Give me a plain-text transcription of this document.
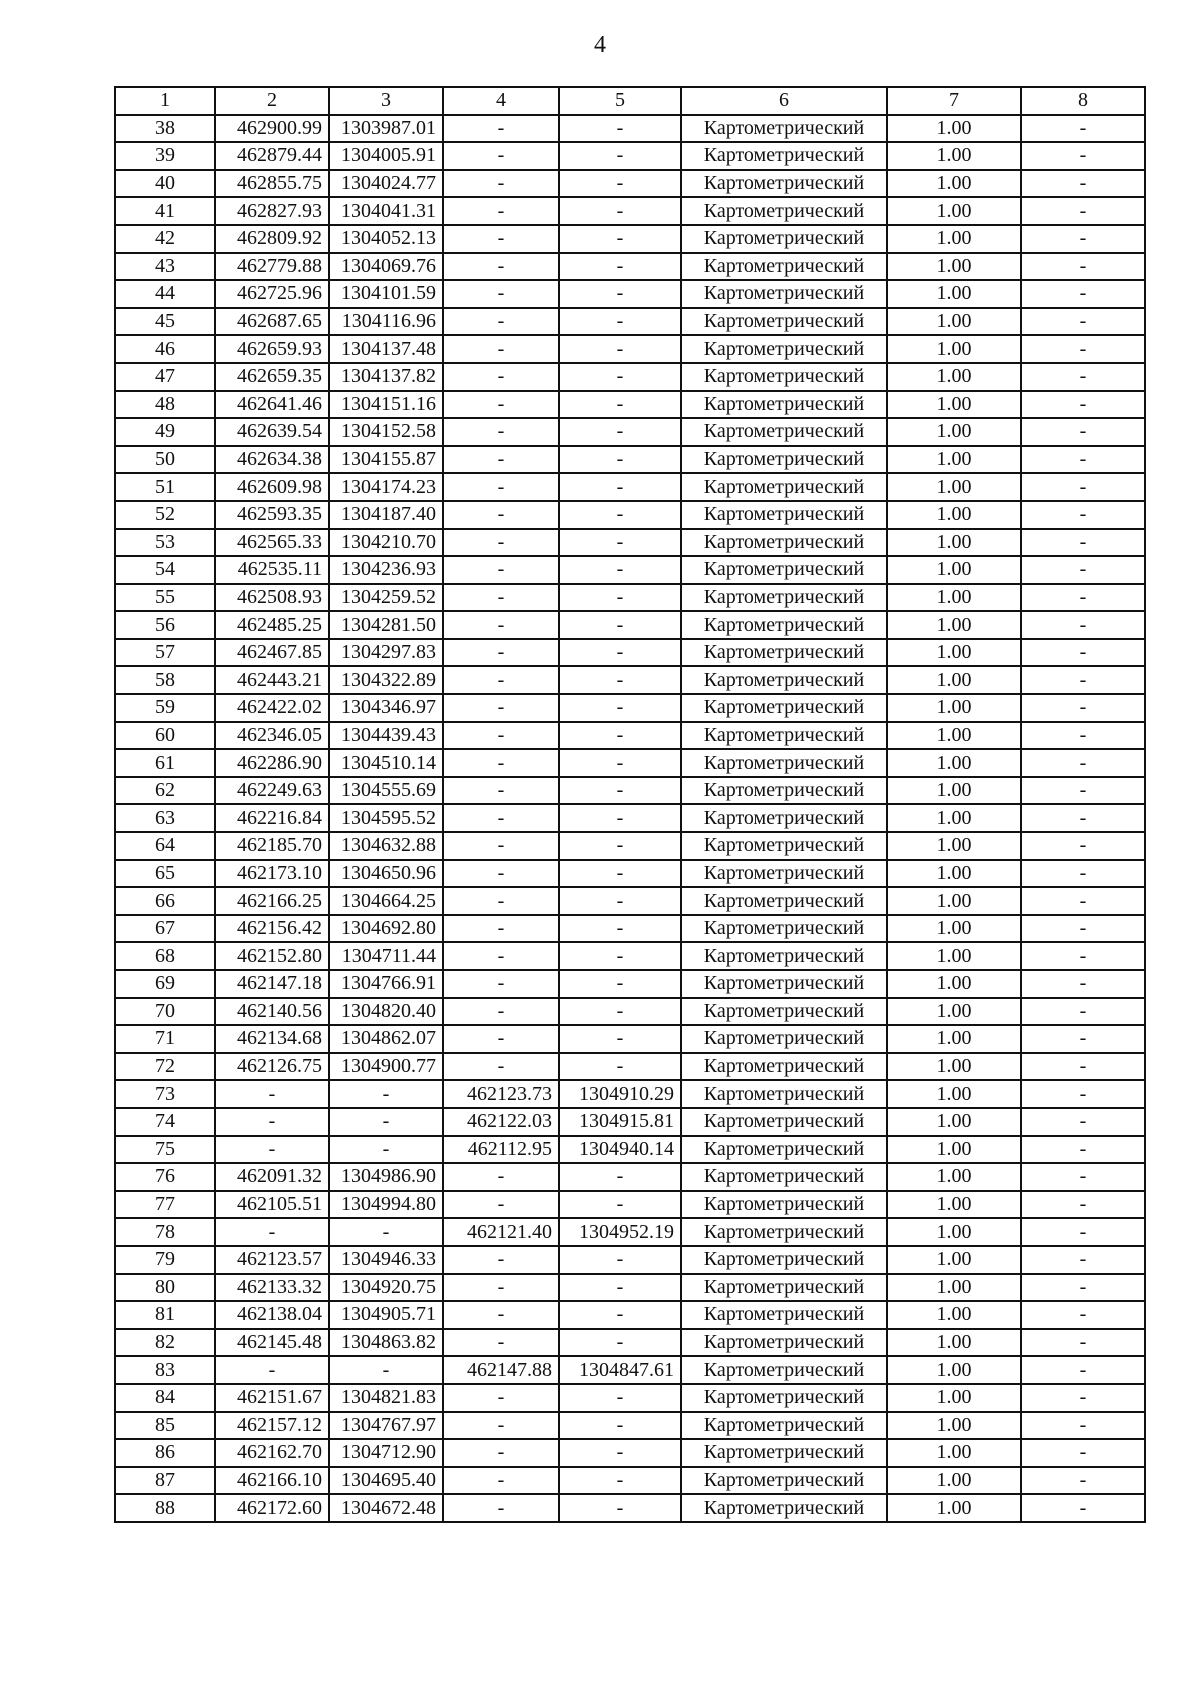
4
1	2	3	4	5	6	7	8
38	462900.99	1303987.01	-	-	Картометрический	1.00	-
39	462879.44	1304005.91	-	-	Картометрический	1.00	-
40	462855.75	1304024.77	-	-	Картометрический	1.00	-
41	462827.93	1304041.31	-	-	Картометрический	1.00	-
42	462809.92	1304052.13	-	-	Картометрический	1.00	-
43	462779.88	1304069.76	-	-	Картометрический	1.00	-
44	462725.96	1304101.59	-	-	Картометрический	1.00	-
45	462687.65	1304116.96	-	-	Картометрический	1.00	-
46	462659.93	1304137.48	-	-	Картометрический	1.00	-
47	462659.35	1304137.82	-	-	Картометрический	1.00	-
48	462641.46	1304151.16	-	-	Картометрический	1.00	-
49	462639.54	1304152.58	-	-	Картометрический	1.00	-
50	462634.38	1304155.87	-	-	Картометрический	1.00	-
51	462609.98	1304174.23	-	-	Картометрический	1.00	-
52	462593.35	1304187.40	-	-	Картометрический	1.00	-
53	462565.33	1304210.70	-	-	Картометрический	1.00	-
54	462535.11	1304236.93	-	-	Картометрический	1.00	-
55	462508.93	1304259.52	-	-	Картометрический	1.00	-
56	462485.25	1304281.50	-	-	Картометрический	1.00	-
57	462467.85	1304297.83	-	-	Картометрический	1.00	-
58	462443.21	1304322.89	-	-	Картометрический	1.00	-
59	462422.02	1304346.97	-	-	Картометрический	1.00	-
60	462346.05	1304439.43	-	-	Картометрический	1.00	-
61	462286.90	1304510.14	-	-	Картометрический	1.00	-
62	462249.63	1304555.69	-	-	Картометрический	1.00	-
63	462216.84	1304595.52	-	-	Картометрический	1.00	-
64	462185.70	1304632.88	-	-	Картометрический	1.00	-
65	462173.10	1304650.96	-	-	Картометрический	1.00	-
66	462166.25	1304664.25	-	-	Картометрический	1.00	-
67	462156.42	1304692.80	-	-	Картометрический	1.00	-
68	462152.80	1304711.44	-	-	Картометрический	1.00	-
69	462147.18	1304766.91	-	-	Картометрический	1.00	-
70	462140.56	1304820.40	-	-	Картометрический	1.00	-
71	462134.68	1304862.07	-	-	Картометрический	1.00	-
72	462126.75	1304900.77	-	-	Картометрический	1.00	-
73	-	-	462123.73	1304910.29	Картометрический	1.00	-
74	-	-	462122.03	1304915.81	Картометрический	1.00	-
75	-	-	462112.95	1304940.14	Картометрический	1.00	-
76	462091.32	1304986.90	-	-	Картометрический	1.00	-
77	462105.51	1304994.80	-	-	Картометрический	1.00	-
78	-	-	462121.40	1304952.19	Картометрический	1.00	-
79	462123.57	1304946.33	-	-	Картометрический	1.00	-
80	462133.32	1304920.75	-	-	Картометрический	1.00	-
81	462138.04	1304905.71	-	-	Картометрический	1.00	-
82	462145.48	1304863.82	-	-	Картометрический	1.00	-
83	-	-	462147.88	1304847.61	Картометрический	1.00	-
84	462151.67	1304821.83	-	-	Картометрический	1.00	-
85	462157.12	1304767.97	-	-	Картометрический	1.00	-
86	462162.70	1304712.90	-	-	Картометрический	1.00	-
87	462166.10	1304695.40	-	-	Картометрический	1.00	-
88	462172.60	1304672.48	-	-	Картометрический	1.00	-
